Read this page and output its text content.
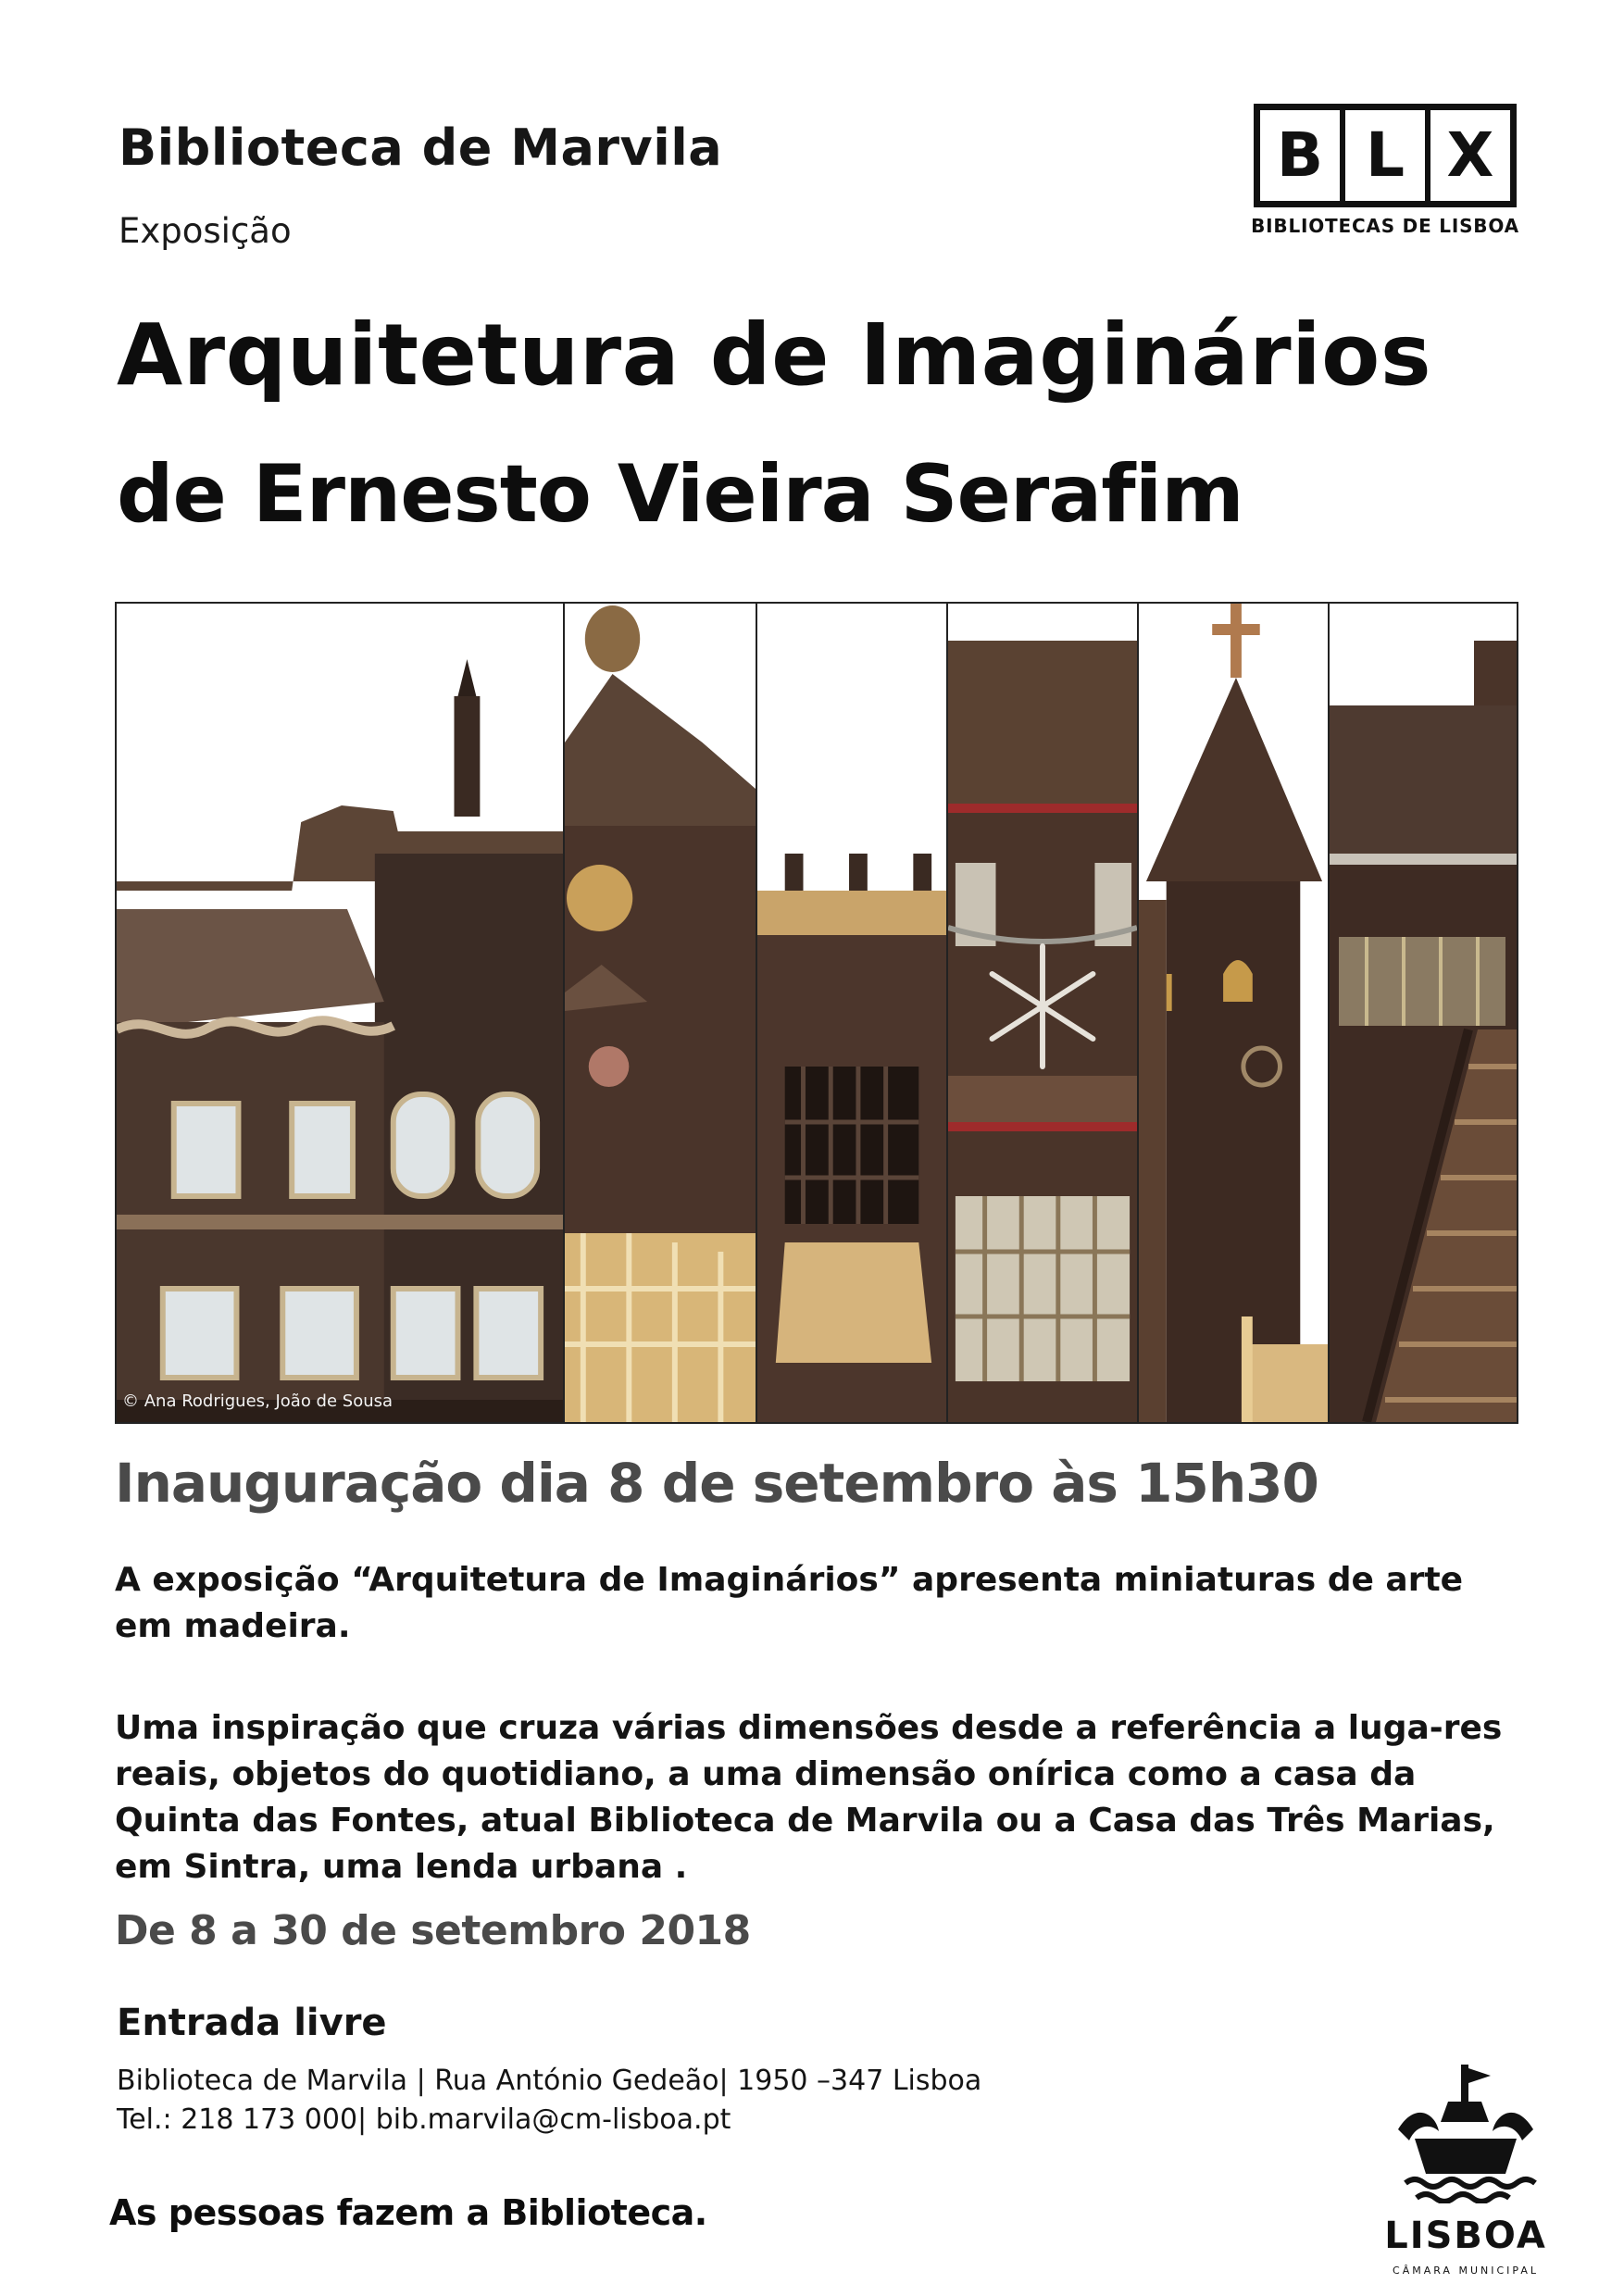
Biblioteca de Marvila
Exposição
B L X
BIBLIOTECAS DE LISBOA
Arquitetura de Imaginários
de Ernesto Vieira Serafim
© Ana Rodrigues, João de Sousa
Inauguração dia 8 de setembro às 15h30
A exposição “Arquitetura de Imaginários” apresenta miniaturas de arte em madeira.
Uma inspiração que cruza várias dimensões desde a referência a luga-res reais, objetos do quotidiano, a uma dimensão onírica como a casa da Quinta das Fontes, atual Biblioteca de Marvila ou a Casa das Três Marias, em Sintra, uma lenda urbana .
De 8 a 30 de setembro 2018
Entrada livre
Biblioteca de Marvila | Rua António Gedeão| 1950 –347 Lisboa
Tel.: 218 173 000| bib.marvila@cm-lisboa.pt
As pessoas fazem a Biblioteca.
LISBOA
CÂMARA MUNICIPAL
